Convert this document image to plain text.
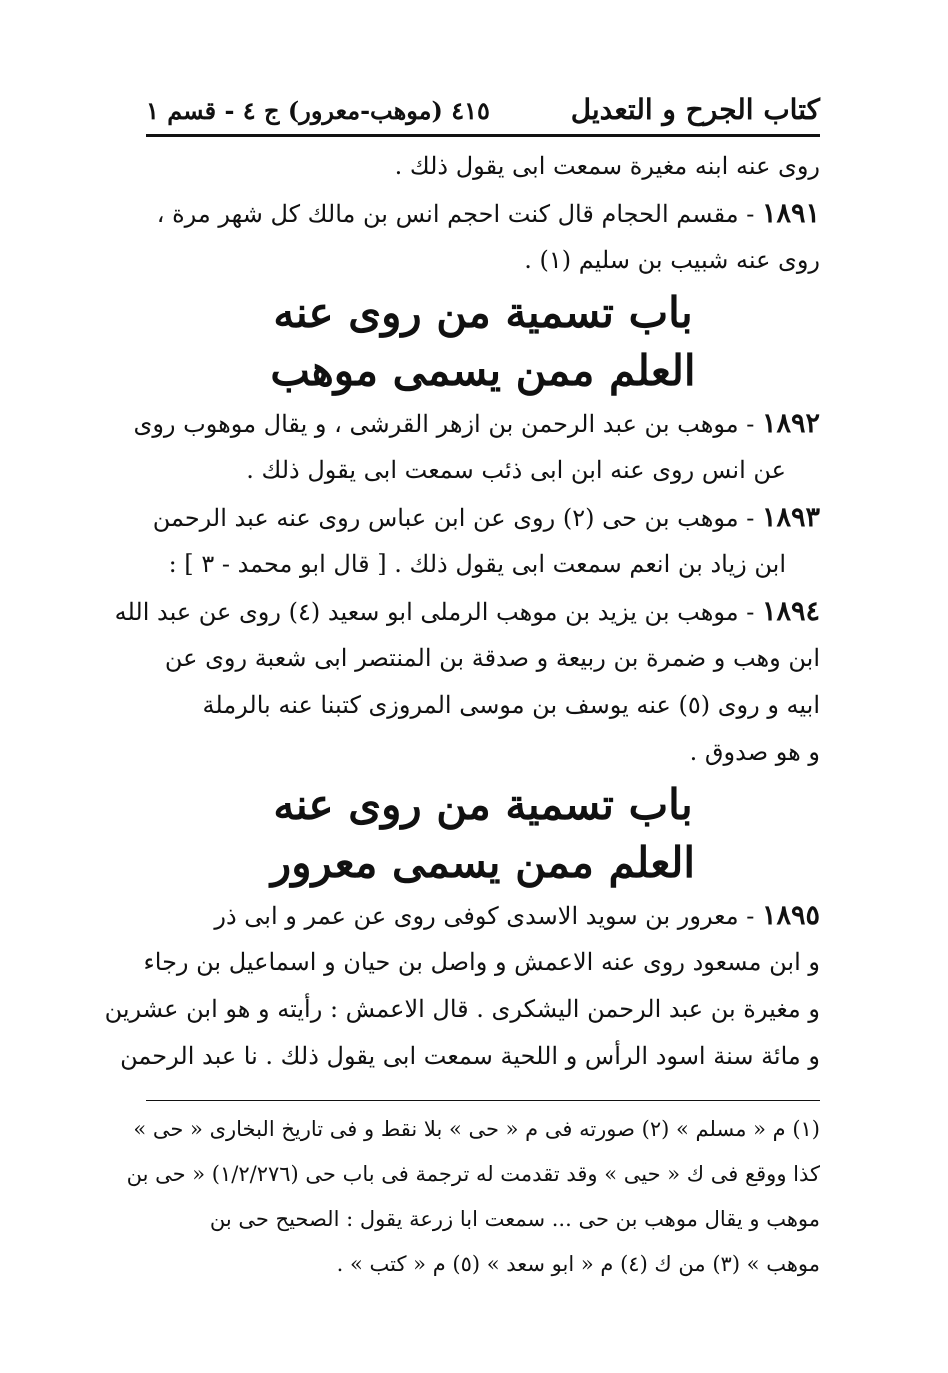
كتاب الجرح و التعديل
٤١٥ (موهب-معرور) ج ٤ - قسم ١
روى عنه ابنه مغيرة سمعت ابى يقول ذلك .
١٨٩١ - مقسم الحجام قال كنت احجم انس بن مالك كل شهر مرة ،
روى عنه شبيب بن سليم (١) .
باب تسمية من روى عنه
العلم ممن يسمى موهب
١٨٩٢ - موهب بن عبد الرحمن بن ازهر القرشى ، و يقال موهوب روى
عن انس روى عنه ابن ابى ذئب سمعت ابى يقول ذلك .
١٨٩٣ - موهب بن حى (٢) روى عن ابن عباس روى عنه عبد الرحمن
ابن زياد بن انعم سمعت ابى يقول ذلك . [ قال ابو محمد - ٣ ] :
١٨٩٤ - موهب بن يزيد بن موهب الرملى ابو سعيد (٤) روى عن عبد الله
ابن وهب و ضمرة بن ربيعة و صدقة بن المنتصر ابى شعبة روى عن
ابيه و روى (٥) عنه يوسف بن موسى المروزى كتبنا عنه بالرملة
و هو صدوق .
باب تسمية من روى عنه
العلم ممن يسمى معرور
١٨٩٥ - معرور بن سويد الاسدى كوفى روى عن عمر و ابى ذر
و ابن مسعود روى عنه الاعمش و واصل بن حيان و اسماعيل بن رجاء
و مغيرة بن عبد الرحمن اليشكرى . قال الاعمش : رأيته و هو ابن عشرين
و مائة سنة اسود الرأس و اللحية سمعت ابى يقول ذلك . نا عبد الرحمن
(١) م « مسلم » (٢) صورته فى م « حى » بلا نقط و فى تاريخ البخارى « حى »
كذا ووقع فى ك « حيى » وقد تقدمت له ترجمة فى باب حى (١/٢/٢٧٦) « حى بن
موهب و يقال موهب بن حى ... سمعت ابا زرعة يقول : الصحيح حى بن
موهب » (٣) من ك (٤) م « ابو سعد » (٥) م « كتب » .
